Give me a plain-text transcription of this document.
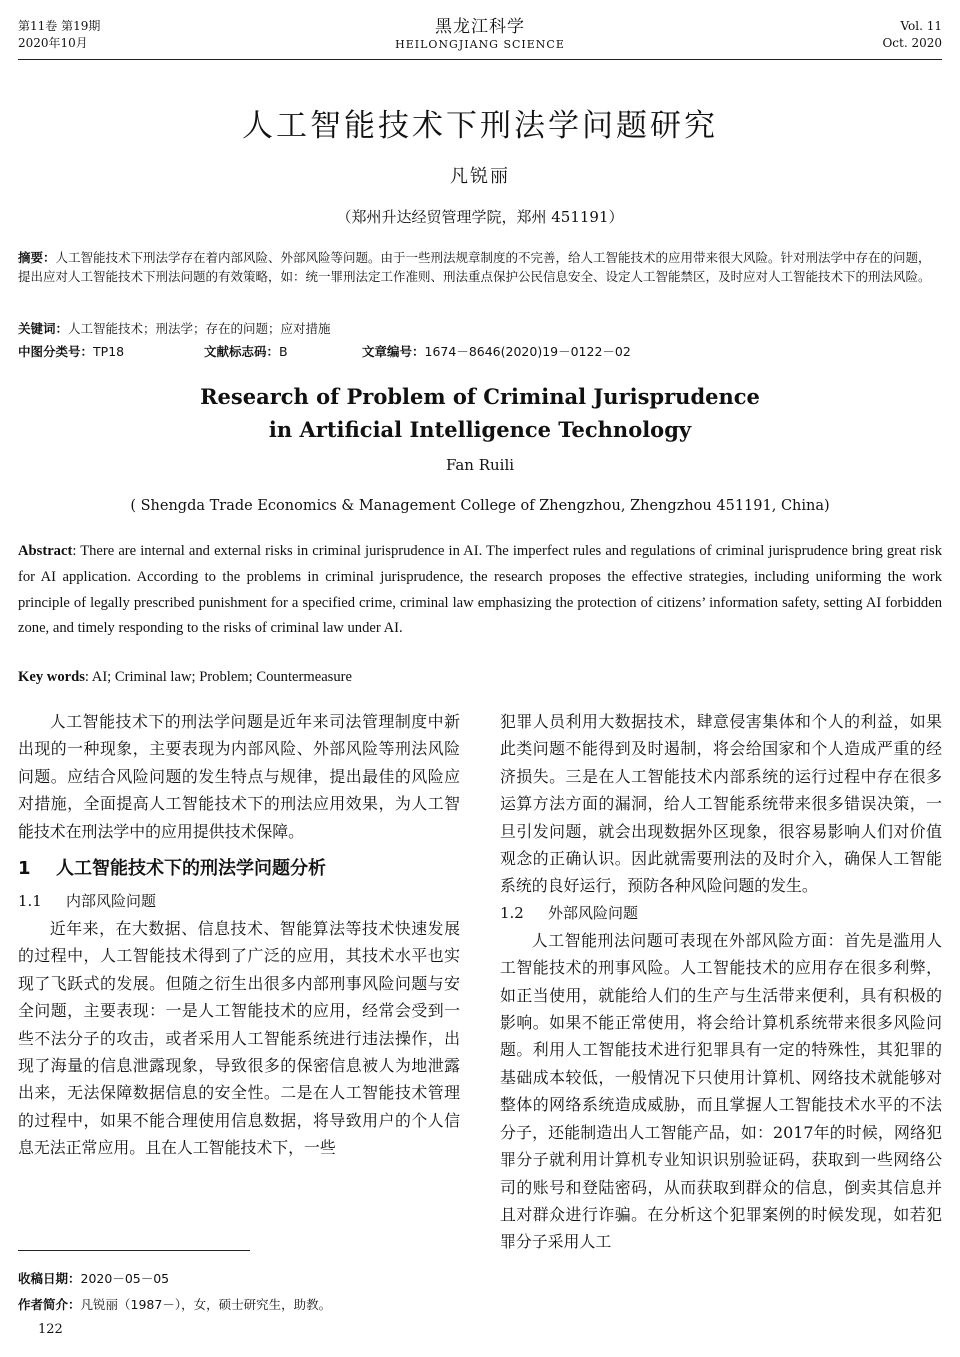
第11卷 第19期
2020年10月
黑龙江科学
HEILONGJIANG SCIENCE
Vol. 11
Oct. 2020
人工智能技术下刑法学问题研究
凡锐丽
（郑州升达经贸管理学院，郑州 451191）
摘要：人工智能技术下刑法学存在着内部风险、外部风险等问题。由于一些刑法规章制度的不完善，给人工智能技术的应用带来很大风险。针对刑法学中存在的问题，提出应对人工智能技术下刑法问题的有效策略，如：统一罪刑法定工作准则、刑法重点保护公民信息安全、设定人工智能禁区，及时应对人工智能技术下的刑法风险。
关键词：人工智能技术；刑法学；存在的问题；应对措施
中图分类号：TP18	文献标志码：B	文章编号：1674－8646(2020)19－0122－02
Research of Problem of Criminal Jurisprudence
in Artificial Intelligence Technology
Fan Ruili
( Shengda Trade Economics & Management College of Zhengzhou, Zhengzhou 451191, China)
Abstract: There are internal and external risks in criminal jurisprudence in AI. The imperfect rules and regulations of criminal jurisprudence bring great risk for AI application. According to the problems in criminal jurisprudence, the research proposes the effective strategies, including uniforming the work principle of legally prescribed punishment for a specified crime, criminal law emphasizing the protection of citizens’ information safety, setting AI forbidden zone, and timely responding to the risks of criminal law under AI.
Key words: AI; Criminal law; Problem; Countermeasure

人工智能技术下的刑法学问题是近年来司法管理制度中新出现的一种现象，主要表现为内部风险、外部风险等刑法风险问题。应结合风险问题的发生特点与规律，提出最佳的风险应对措施，全面提高人工智能技术下的刑法应用效果，为人工智能技术在刑法学中的应用提供技术保障。

1 人工智能技术下的刑法学问题分析
1.1 内部风险问题

近年来，在大数据、信息技术、智能算法等技术快速发展的过程中，人工智能技术得到了广泛的应用，其技术水平也实现了飞跃式的发展。但随之衍生出很多内部刑事风险问题与安全问题，主要表现：一是人工智能技术的应用，经常会受到一些不法分子的攻击，或者采用人工智能系统进行违法操作，出现了海量的信息泄露现象，导致很多的保密信息被人为地泄露出来，无法保障数据信息的安全性。二是在人工智能技术管理的过程中，如果不能合理使用信息数据，将导致用户的个人信息无法正常应用。且在人工智能技术下，一些

犯罪人员利用大数据技术，肆意侵害集体和个人的利益，如果此类问题不能得到及时遏制，将会给国家和个人造成严重的经济损失。三是在人工智能技术内部系统的运行过程中存在很多运算方法方面的漏洞，给人工智能系统带来很多错误决策，一旦引发问题，就会出现数据外区现象，很容易影响人们对价值观念的正确认识。因此就需要刑法的及时介入，确保人工智能系统的良好运行，预防各种风险问题的发生。

1.2 外部风险问题

人工智能刑法问题可表现在外部风险方面：首先是滥用人工智能技术的刑事风险。人工智能技术的应用存在很多利弊，如正当使用，就能给人们的生产与生活带来便利，具有积极的影响。如果不能正常使用，将会给计算机系统带来很多风险问题。利用人工智能技术进行犯罪具有一定的特殊性，其犯罪的基础成本较低，一般情况下只使用计算机、网络技术就能够对整体的网络系统造成威胁，而且掌握人工智能技术水平的不法分子，还能制造出人工智能产品，如：2017年的时候，网络犯罪分子就利用计算机专业知识识别验证码，获取到一些网络公司的账号和登陆密码，从而获取到群众的信息，倒卖其信息并且对群众进行诈骗。在分析这个犯罪案例的时候发现，如若犯罪分子采用人工

收稿日期：2020－05－05
作者简介：凡锐丽（1987－），女，硕士研究生，助教。
122
